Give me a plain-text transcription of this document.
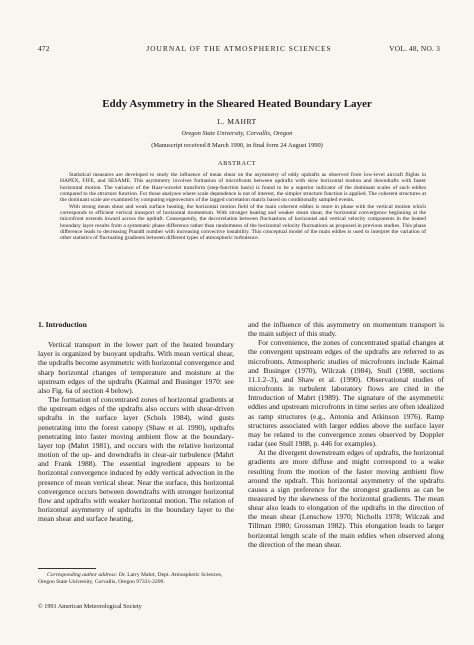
472	JOURNAL OF THE ATMOSPHERIC SCIENCES	VOL. 48, NO. 3
Eddy Asymmetry in the Sheared Heated Boundary Layer
L. MAHRT
Oregon State University, Corvallis, Oregon
(Manuscript received 8 March 1990, in final form 24 August 1990)
ABSTRACT

Statistical measures are developed to study the influence of mean shear on the asymmetry of eddy updrafts as observed from low-level aircraft flights in HAPEX, FIFE, and SESAME. This asymmetry involves formation of microfronts between updrafts with slow horizontal motion and downdrafts with faster horizontal motion. The variance of the Haar-wavelet transform (step-function basis) is found to be a superior indicator of the dominant scales of such eddies compared to the structure function. For those analyses where scale dependence is not of interest, the simpler structure function is applied. The coherent structures at the dominant scale are examined by computing eigenvectors of the lagged correlation matrix based on conditionally sampled events.

With strong mean shear and weak surface heating, the horizontal motion field of the main coherent eddies is more in phase with the vertical motion which corresponds to efficient vertical transport of horizontal momentum. With stronger heating and weaker mean shear, the horizontal convergence beginning at the microfront extends inward across the updraft. Consequently, the decorrelation between fluctuations of horizontal and vertical velocity components in the heated boundary layer results from a systematic phase difference rather than randomness of the horizontal velocity fluctuations as proposed in previous studies. This phase difference leads to decreasing Prandtl number with increasing convective instability. This conceptual model of the main eddies is used to interpret the variation of other statistics of fluctuating gradients between different types of atmospheric turbulence.

1. Introduction

Vertical transport in the lower part of the heated boundary layer is organized by buoyant updrafts. With mean vertical shear, the updrafts become asymmetric with horizontal convergence and sharp horizontal changes of temperature and moisture at the upstream edges of the updrafts (Kaimal and Businger 1970: see also Fig. 6a of section 4 below).

The formation of concentrated zones of horizontal gradients at the upstream edges of the updrafts also occurs with shear-driven updrafts in the surface layer (Schols 1984), wind gusts penetrating into the forest canopy (Shaw et al. 1990), updrafts penetrating into faster moving ambient flow at the boundary-layer top (Mahrt 1981), and occurs with the relative horizontal motion of the up- and downdrafts in clear-air turbulence (Mahrt and Frank 1988). The essential ingredient appears to be horizontal convergence induced by eddy vertical advection in the presence of mean vertical shear. Near the surface, this horizontal convergence occurs between downdrafts with stronger horizontal flow and updrafts with weaker horizontal motion. The relation of horizontal asymmetry of updrafts in the boundary layer to the mean shear and surface heating,

and the influence of this asymmetry on momentum transport is the main subject of this study.

For convenience, the zones of concentrated spatial changes at the convergent upstream edges of the updrafts are referred to as microfronts. Atmospheric studies of microfronts include Kaimal and Businger (1970), Wilczak (1984), Stull (1988, sections 11.1.2–3), and Shaw et al. (1990). Observational studies of microfronts in turbulent laboratory flows are cited in the Introduction of Mahrt (1989). The signature of the asymmetric eddies and upstream microfronts in time series are often idealized as ramp structures (e.g., Antonia and Atkinson 1976). Ramp structures associated with larger eddies above the surface layer may be related to the convergence zones observed by Doppler radar (see Stull 1988, p. 446 for examples).

At the divergent downstream edges of updrafts, the horizontal gradients are more diffuse and might correspond to a wake resulting from the motion of the faster moving ambient flow around the updraft. This horizontal asymmetry of the updrafts causes a sign preference for the strongest gradients as can be measured by the skewness of the horizontal gradients. The mean shear also leads to elongation of the updrafts in the direction of the mean shear (Lenschow 1970; Nicholls 1978; Wilczak and Tillman 1980; Grossman 1982). This elongation leads to larger horizontal length scale of the main eddies when observed along the direction of the mean shear.

Corresponding author address: Dr. Larry Mahrt, Dept. Atmospheric Sciences, Oregon State University, Corvallis, Oregon 97331-2209.
© 1991 American Meteorological Society
